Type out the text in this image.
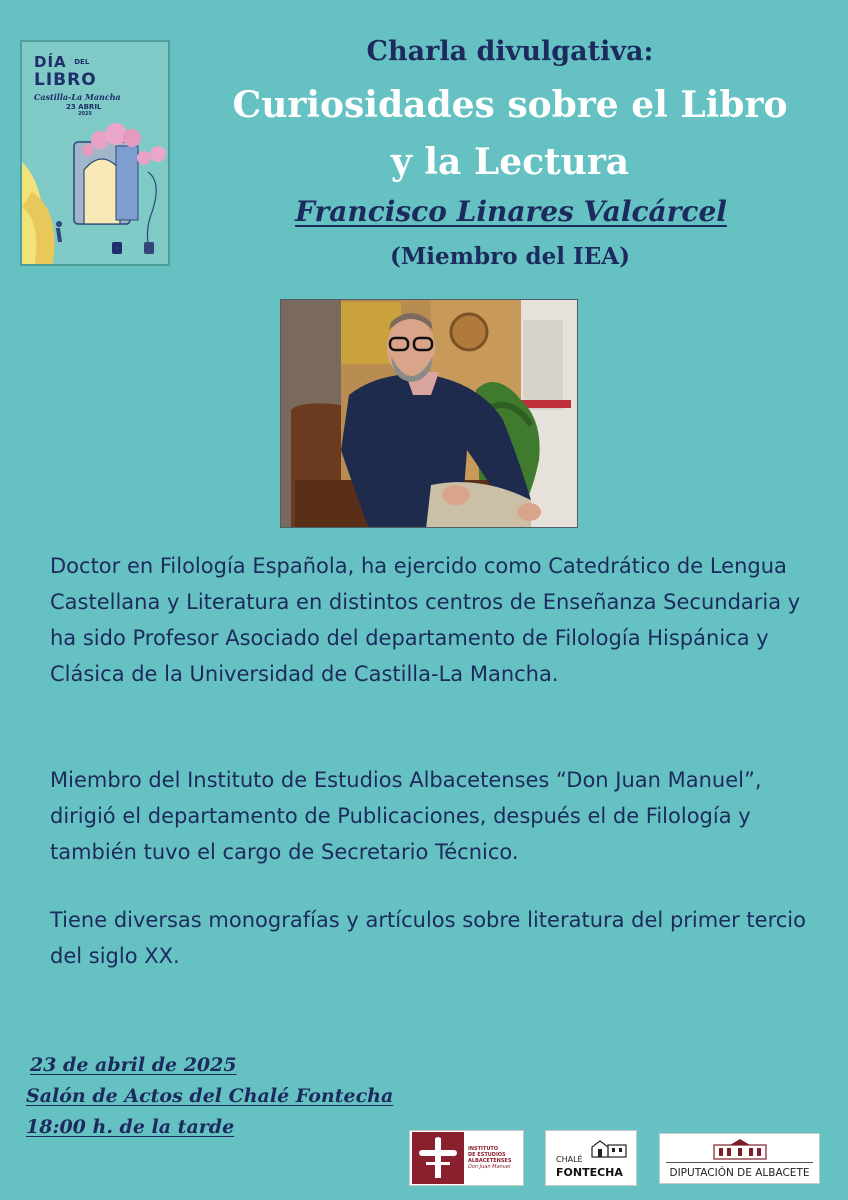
DÍA DEL
LIBRO
Castilla-La Mancha
23 ABRIL
2025
Charla divulgativa:
Curiosidades sobre el Libro
y la Lectura
Francisco Linares Valcárcel
(Miembro del IEA)

Doctor en Filología Española, ha ejercido como Catedrático de Lengua Castellana y Literatura en distintos centros de Enseñanza Secundaria y ha sido Profesor Asociado del departamento de Filología Hispánica y Clásica de la Universidad de Castilla-La Mancha.

Miembro del Instituto de Estudios Albacetenses “Don Juan Manuel”, dirigió el departamento de Publicaciones, después el de Filología y también tuvo el cargo de Secretario Técnico.

Tiene diversas monografías y artículos sobre literatura del primer tercio del siglo XX.

23 de abril de 2025
Salón de Actos del Chalé Fontecha
18:00 h. de la tarde
INSTITUTO
DE ESTUDIOS
ALBACETENSES
Don Juan Manuel
CHALÉ
FONTECHA	DIPUTACIÓN DE ALBACETE
